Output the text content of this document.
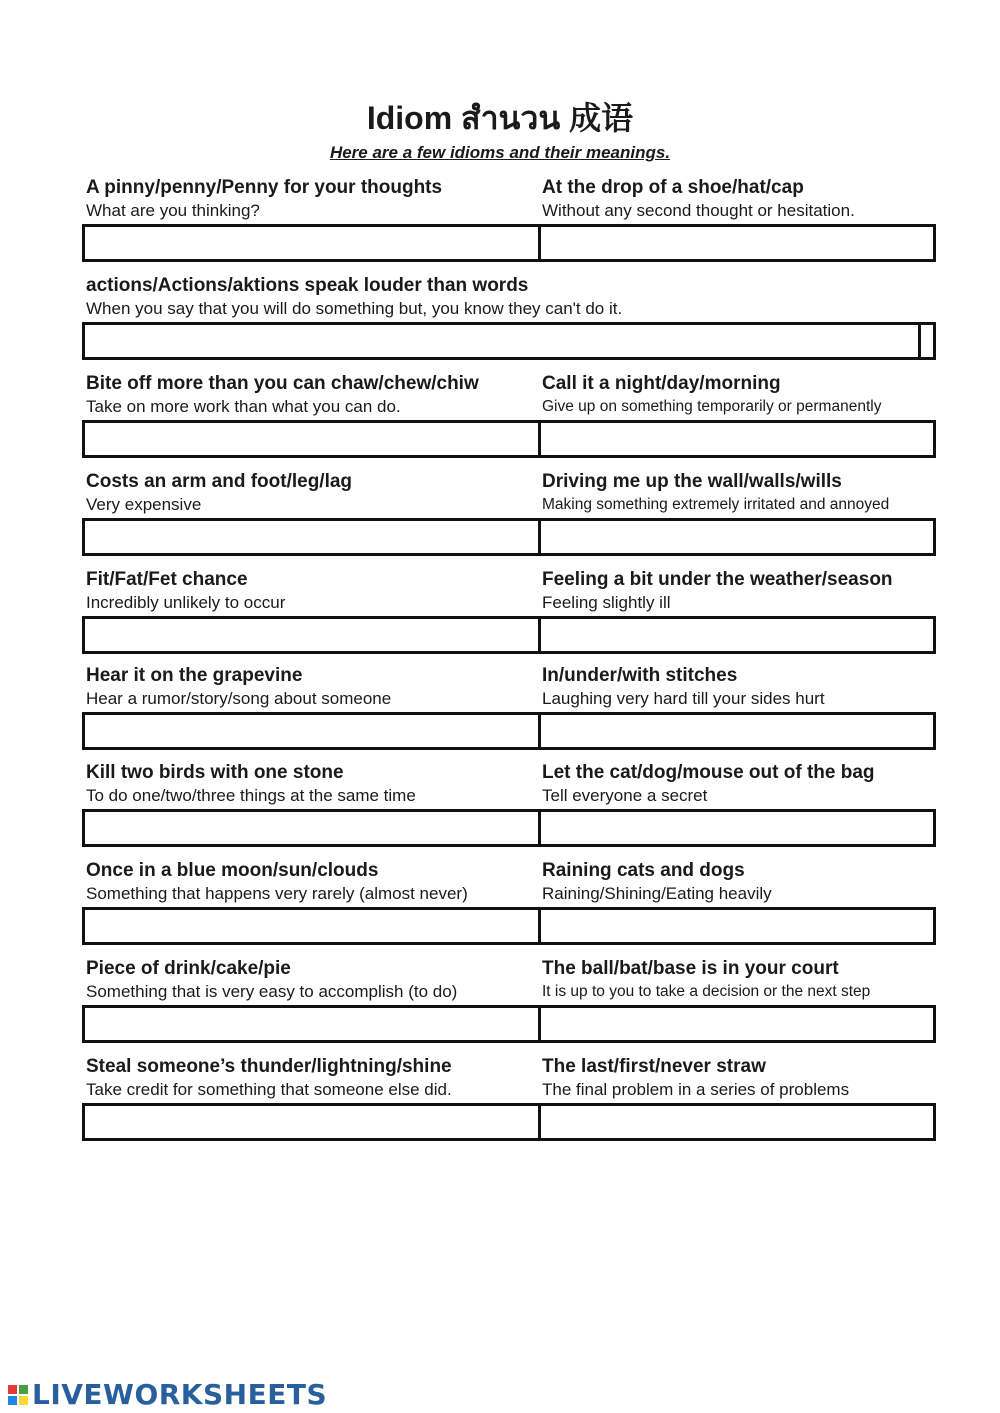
Idiom สำนวน 成语
Here are a few idioms and their meanings.
A pinny/penny/Penny for your thoughts
What are you thinking?
At the drop of a shoe/hat/cap
Without any second thought or hesitation.
actions/Actions/aktions speak louder than words
When you say that you will do something but, you know they can't do it.
Bite off more than you can chaw/chew/chiw
Take on more work than what you can do.
Call it a night/day/morning
Give up on something temporarily or permanently
Costs an arm and foot/leg/lag
Very expensive
Driving me up the wall/walls/wills
Making something extremely irritated and annoyed
Fit/Fat/Fet chance
Incredibly unlikely to occur
Feeling a bit under the weather/season
Feeling slightly ill
Hear it on the grapevine
Hear a rumor/story/song about someone
In/under/with stitches
Laughing very hard till your sides hurt
Kill two birds with one stone
To do one/two/three things at the same time
Let the cat/dog/mouse out of the bag
Tell everyone a secret
Once in a blue moon/sun/clouds
Something that happens very rarely (almost never)
Raining cats and dogs
Raining/Shining/Eating heavily
Piece of drink/cake/pie
Something that is very easy to accomplish (to do)
The ball/bat/base is in your court
It is up to you to take a decision or the next step
Steal someone’s thunder/lightning/shine
Take credit for something that someone else did.
The last/first/never straw
The final problem in a series of problems
LIVEWORKSHEETS
